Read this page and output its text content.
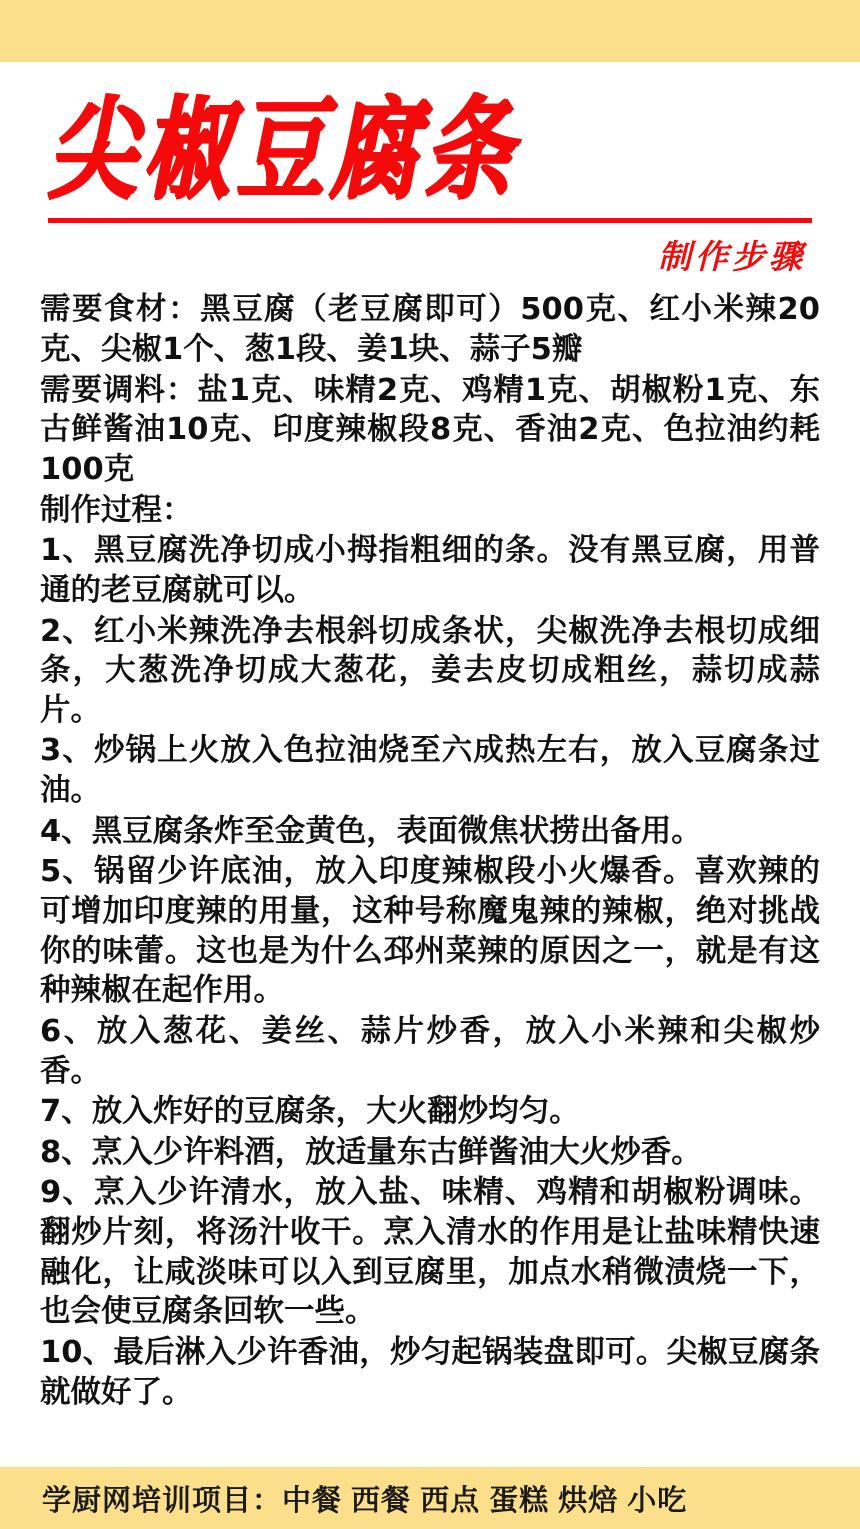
尖椒豆腐条
制作步骤

需要食材：黑豆腐（老豆腐即可）500克、红小米辣20克、尖椒1个、葱1段、姜1块、蒜子5瓣

需要调料：盐1克、味精2克、鸡精1克、胡椒粉1克、东古鲜酱油10克、印度辣椒段8克、香油2克、色拉油约耗100克

制作过程：

1、黑豆腐洗净切成小拇指粗细的条。没有黑豆腐，用普通的老豆腐就可以。

2、红小米辣洗净去根斜切成条状，尖椒洗净去根切成细条，大葱洗净切成大葱花，姜去皮切成粗丝，蒜切成蒜片。

3、炒锅上火放入色拉油烧至六成热左右，放入豆腐条过油。

4、黑豆腐条炸至金黄色，表面微焦状捞出备用。

5、锅留少许底油，放入印度辣椒段小火爆香。喜欢辣的可增加印度辣的用量，这种号称魔鬼辣的辣椒，绝对挑战你的味蕾。这也是为什么邳州菜辣的原因之一，就是有这种辣椒在起作用。

6、放入葱花、姜丝、蒜片炒香，放入小米辣和尖椒炒香。

7、放入炸好的豆腐条，大火翻炒均匀。

8、烹入少许料酒，放适量东古鲜酱油大火炒香。

9、烹入少许清水，放入盐、味精、鸡精和胡椒粉调味。翻炒片刻，将汤汁收干。烹入清水的作用是让盐味精快速融化，让咸淡味可以入到豆腐里，加点水稍微渍烧一下，也会使豆腐条回软一些。

10、最后淋入少许香油，炒匀起锅装盘即可。尖椒豆腐条就做好了。

学厨网培训项目：中餐 西餐 西点 蛋糕 烘焙 小吃
